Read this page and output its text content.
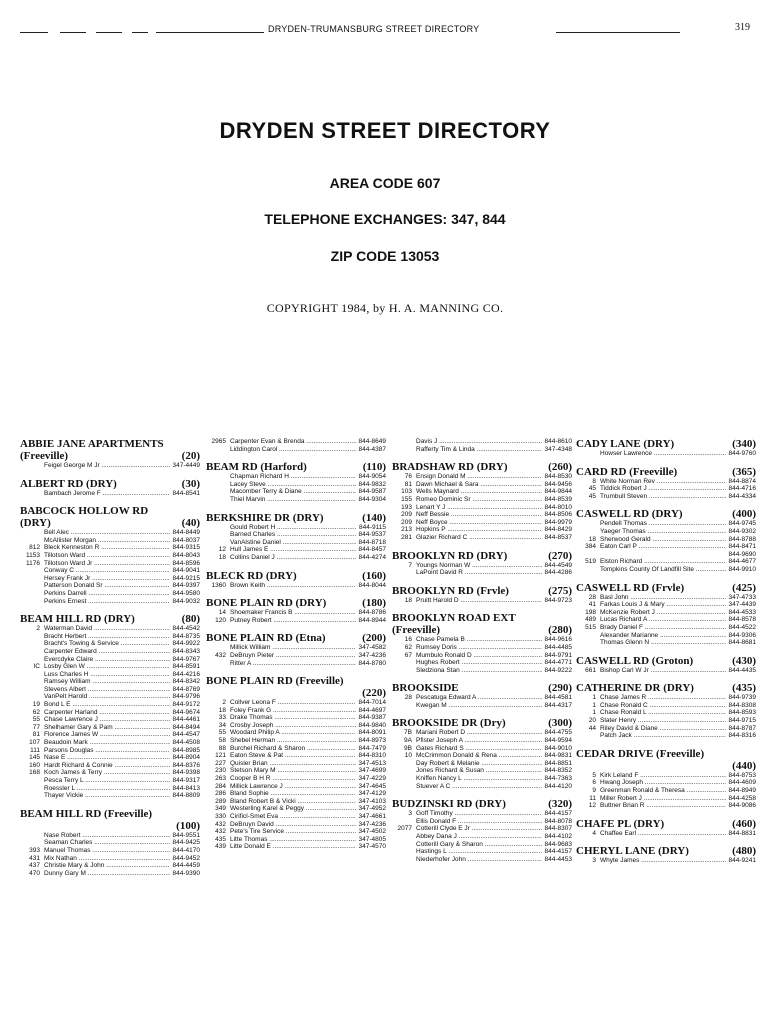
DRYDEN-TRUMANSBURG STREET DIRECTORY	319
DRYDEN STREET DIRECTORY
AREA CODE 607
TELEPHONE EXCHANGES: 347, 844
ZIP CODE 13053
COPYRIGHT 1984, by H. A. MANNING CO.
ABBIE JANE APARTMENTS
(Freeville)	(20)
Feigel George M Jr .....	347-4449
ALBERT RD (DRY)	(30)
Bambach Jerome F .....	844-8541
BABCOCK HOLLOW RD
(DRY)	(40)
Bell Alec .....	844-8449
McAllister Morgan .....	844-8037
812 Bleck Kenneston R .....	844-9315
1153 Tillotson Ward .....	844-8043
1176 Tillotson Ward Jr .....	844-8596
Conway C .....	844-9041
Hersey Frank Jr .....	844-9215
Patterson Donald Sr .....	844-9397
Perkins Darrell .....	844-9580
Perkins Ernest .....	844-9032
BEAM HILL RD (DRY)	(80)
2 Waterman David .....	844-4542
Bracht Herbert .....	844-8735
Bracht's Towing & Service .....	844-9922
Carpenter Edward .....	844-8343
Evercdyke Claire .....	844-9767
IC Losby Glen W .....	844-8591
Luss Charles H .....	844-4216
Ramsey William .....	844-8342
Stevens Albert .....	844-8769
VanPelt Harold .....	844-9796
19 Bond L E .....	844-9172
62 Carpenter Harland .....	844-9674
55 Chase Lawrence J .....	844-4461
77 Shelhamer Gary & Pam .....	844-8494
81 Florence James W .....	844-4547
107 Beaudoin Mark .....	844-4508
111 Parsons Douglas .....	844-8985
145 Nase E .....	844-8904
160 Hardt Richard & Connie .....	844-8376
168 Koch James & Terry .....	844-9398
Pesca Terry L .....	844-9317
Roessler L .....	844-8413
Thayer Vickie .....	844-8809
BEAM HILL RD (Freeville)
(100)
Nase Robert .....	844-9551
Seaman Charles .....	844-9425
393 Manuel Thomas .....	844-4170
431 Mix Nathan .....	844-9452
437 Christie Mary & John .....	844-4459
470 Dunny Gary M .....	844-9390
2965 Carpenter Evan & Brenda .....	844-8649
Liddington Carol .....	844-4387
BEAM RD (Harford)	(110)
Chapman Richard H .....	844-9054
Lacey Steve .....	844-9832
Macomber Terry & Diane .....	844-9587
Thiel Marvin .....	844-9304
BERKSHIRE DR (DRY)	(140)
Gould Robert H .....	844-9115
Barned Charles .....	844-9537
VanAlstine Daniel .....	844-8718
12 Hull James E .....	844-8457
18 Collins Daniel J .....	844-4274
BLECK RD (DRY)	(160)
1360 Brown Keith .....	844-8044
BONE PLAIN RD (DRY)	(180)
14 Shoemaker Francis B .....	844-8786
120 Putney Robert .....	844-8944
BONE PLAIN RD (Etna)	(200)
Millick William .....	347-4582
432 DeBruyn Pieter .....	347-4236
Ritter A .....	844-8780
BONE PLAIN RD (Freeville)
(220)
2 Collver Leona F .....	844-7014
18 Foley Frank G .....	844-4697
33 Drake Thomas .....	844-9387
34 Crosby Joseph .....	844-9840
55 Woodard Philip A .....	844-8091
58 Shebel Herman .....	844-8973
88 Burchel Richard & Sharon .....	844-7479
121 Eaton Steve & Pat .....	844-8310
227 Quisler Brian .....	347-4513
230 Stetson Mary M .....	347-4699
263 Cooper B H R .....	347-4229
284 Millick Lawrence J .....	347-4645
286 Bland Sophie .....	347-4129
289 Bland Robert B & Vicki .....	347-4103
349 Westerling Karel & Peggy .....	347-4952
330 Cirificl-Smet Eva .....	347-4661
432 DeBruyn David .....	347-4236
432 Pete's Tire Service .....	347-4502
435 Litte Thomas .....	347-4805
439 Litte Donald E .....	347-4570
Davis J .....	844-8610
Rafferty Tim & Linda .....	347-4348
BRADSHAW RD (DRY)	(260)
76 Ensign Donald M .....	844-8530
81 Dawn Michael & Sara .....	844-9456
103 Wells Maynard .....	844-9844
155 Romeo Dominic Sr .....	844-8539
193 Lenart Y J .....	844-8010
209 Neff Bessie .....	844-8506
209 Neff Boyce .....	844-9979
213 Hopkins P .....	844-8429
281 Glazier Richard C .....	844-8537
BROOKLYN RD (DRY)	(270)
7 Youngs Norman W .....	844-4549
LaPoint David R .....	844-4286
BROOKLYN RD (Frvle)	(275)
18 Pruitt Harold D .....	844-9723
BROOKLYN ROAD EXT
(Freeville)	(280)
16 Chase Pamela B .....	844-9616
62 Rumsey Doris .....	844-4485
67 Mumbulo Ronald D .....	844-9791
Hughes Robert .....	844-4771
Sledziona Stan .....	844-9222
BROOKSIDE	(290)
28 Pescatuga Edward A .....	844-4581
Kwegan M .....	844-4317
BROOKSIDE DR (Dry)	(300)
7B Mariani Robert D .....	844-4755
9A Pfister Joseph A .....	844-9594
9B Gates Richard S .....	844-9010
10 McCrimmon Donald & Rena .....	844-9831
Day Robert & Melanie .....	844-8851
Jones Richard & Susan .....	844-8352
Kniffen Nancy L .....	844-7363
Stuever A C .....	844-4120
BUDZINSKI RD (DRY)	(320)
3 Goff Timothy .....	844-4157
Ellis Donald F .....	844-8078
2077 Cotterill Clyde E Jr .....	844-8307
Abbey Dana J .....	844-4102
Cotterill Gary & Sharon .....	844-9683
Hastings L .....	844-4157
Niederhofer John .....	844-4453
CADY LANE (DRY)	(340)
Howser Lawrence .....	844-9760
CARD RD (Freeville)	(365)
8 White Norman Rev .....	844-8874
45 Tiddick Robert J .....	844-4716
45 Trumbull Steven .....	844-4334
CASWELL RD (DRY)	(400)
Pendell Thomas .....	844-9745
Yaeger Thomas .....	844-9302
18 Sherwood Gerald .....	844-8788
384 Eaton Carl P .....	844-8471
844-9690
519 Elston Richard .....	844-4677
Tompkins County Of Landfill Site .....	844-9910
CASWELL RD (Frvle)	(425)
28 Basl John .....	347-4733
41 Farkas Louis J & Mary .....	347-4439
198 McKenzie Robert J .....	844-4533
489 Lucas Richard A .....	844-8578
515 Brady Daniel F .....	844-4522
Alexander Marianne .....	844-9306
Thomas Glenn N .....	844-8681
CASWELL RD (Groton)	(430)
661 Bishop Carl W Jr .....	844-4435
CATHERINE DR (DRY)	(435)
1 Chase James R .....	844-9739
1 Chase Ronald C .....	844-8308
1 Chase Ronald L .....	844-8593
20 Slater Henry .....	844-9715
44 Riley David & Diane .....	844-8787
Patch Jack .....	844-8316
CEDAR DRIVE (Freeville)
(440)
5 Kirk Leland F .....	844-8753
6 Hwang Joseph .....	844-4609
9 Greenman Ronald & Theresa .....	844-8949
11 Miller Robert J .....	844-4258
12 Buttner Brian R .....	844-9086
CHAFE PL (DRY)	(460)
4 Chaffee Earl .....	844-8831
CHERYL LANE (DRY)	(480)
3 Whyte James .....	844-9241
